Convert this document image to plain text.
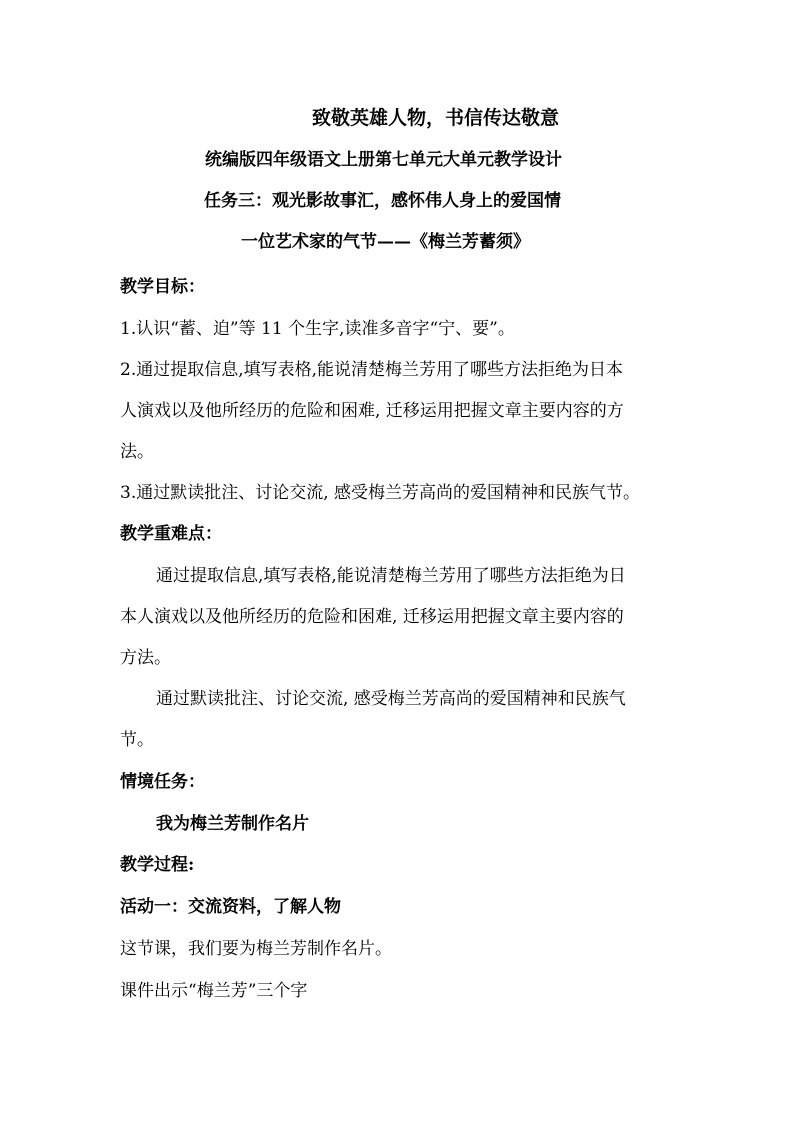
致敬英雄人物，书信传达敬意
统编版四年级语文上册第七单元大单元教学设计
任务三：观光影故事汇，感怀伟人身上的爱国情
一位艺术家的气节——《梅兰芳蓄须》
教学目标：
1.认识“蓄、迫”等 11 个生字,读准多音字“宁、要”。
2.通过提取信息,填写表格,能说清楚梅兰芳用了哪些方法拒绝为日本
人演戏以及他所经历的危险和困难, 迁移运用把握文章主要内容的方
法。
3.通过默读批注、讨论交流, 感受梅兰芳高尚的爱国精神和民族气节。
教学重难点：
通过提取信息,填写表格,能说清楚梅兰芳用了哪些方法拒绝为日
本人演戏以及他所经历的危险和困难, 迁移运用把握文章主要内容的
方法。
通过默读批注、讨论交流, 感受梅兰芳高尚的爱国精神和民族气
节。
情境任务：
我为梅兰芳制作名片
教学过程:
活动一：交流资料，了解人物
这节课，我们要为梅兰芳制作名片。
课件出示“梅兰芳”三个字
